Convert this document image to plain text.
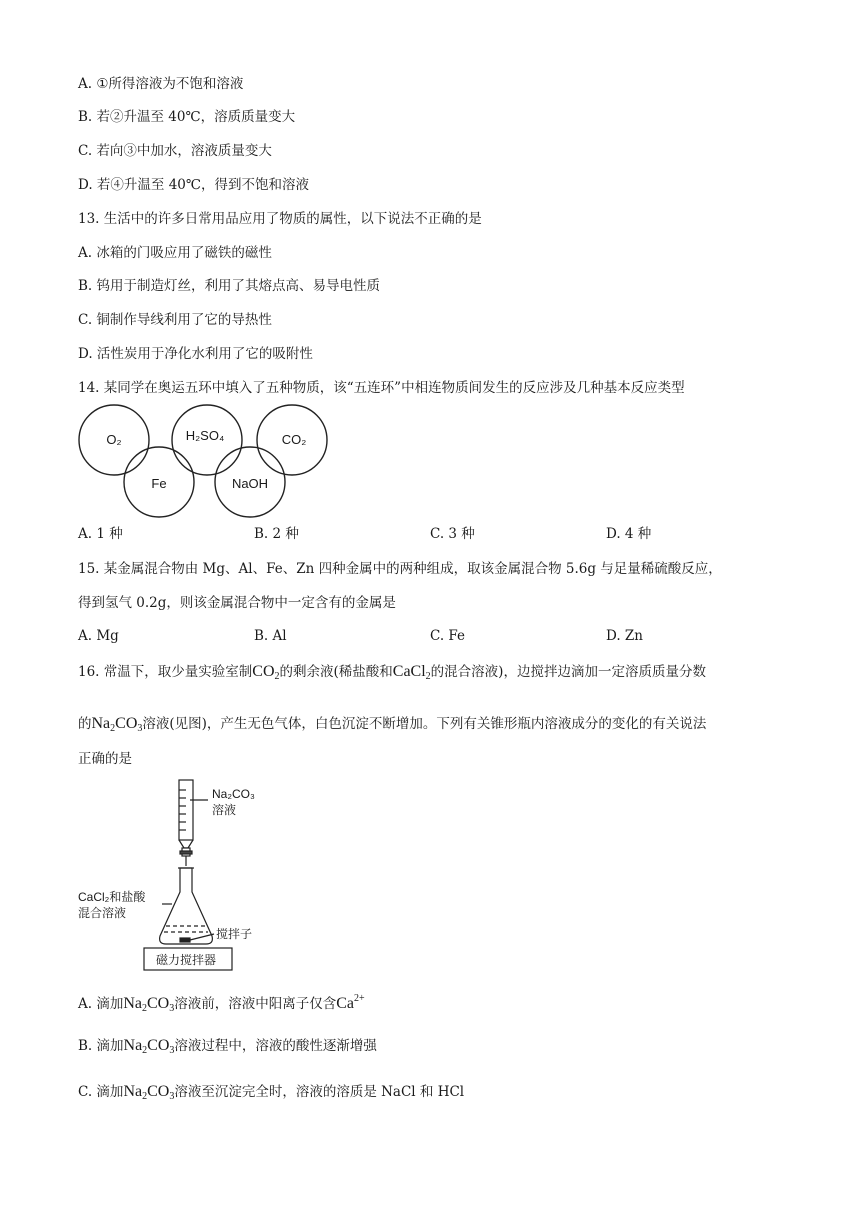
A. ①所得溶液为不饱和溶液
B. 若②升温至 40℃，溶质质量变大
C. 若向③中加水，溶液质量变大
D. 若④升温至 40℃，得到不饱和溶液
13. 生活中的许多日常用品应用了物质的属性，以下说法不正确的是
A. 冰箱的门吸应用了磁铁的磁性
B. 钨用于制造灯丝，利用了其熔点高、易导电性质
C. 铜制作导线利用了它的导热性
D. 活性炭用于净化水利用了它的吸附性
14. 某同学在奥运五环中填入了五种物质，该“五连环”中相连物质间发生的反应涉及几种基本反应类型
O₂	H₂SO₄	CO₂
Fe	NaOH
A. 1 种	B. 2 种	C. 3 种	D. 4 种
15. 某金属混合物由 Mg、Al、Fe、Zn 四种金属中的两种组成，取该金属混合物 5.6g 与足量稀硫酸反应，
得到氢气 0.2g，则该金属混合物中一定含有的金属是
A. Mg	B. Al	C. Fe	D. Zn
16. 常温下，取少量实验室制$CO_2$的剩余液(稀盐酸和CaCl$_2$的混合溶液)，边搅拌边滴加一定溶质质量分数
的$Na_2CO_3$溶液(见图)，产生无色气体，白色沉淀不断增加。下列有关锥形瓶内溶液成分的变化的有关说法
正确的是
Na₂CO₃
溶液
CaCl₂和盐酸
混合溶液
搅拌子
磁力搅拌器
A. 滴加$Na_2CO_3$溶液前，溶液中阳离子仅含$Ca^{2+}$
B. 滴加$Na_2CO_3$溶液过程中，溶液的酸性逐渐增强
C. 滴加$Na_2CO_3$溶液至沉淀完全时，溶液的溶质是 NaCl 和 HCl
